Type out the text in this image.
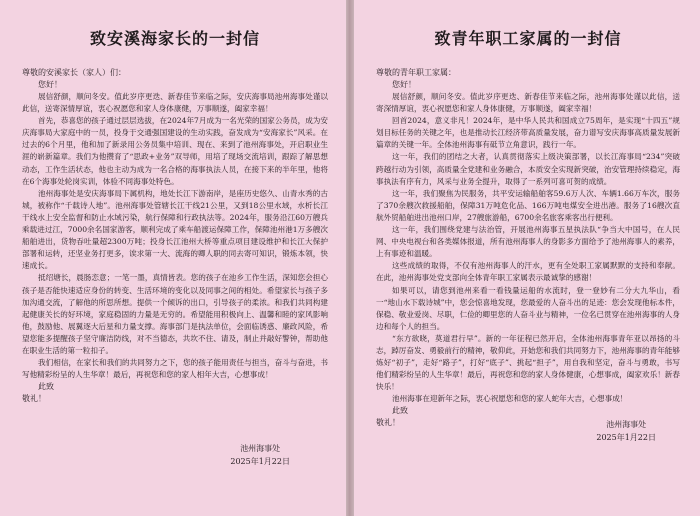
致安溪海家长的一封信
尊敬的安溪家长（家人）们：
您好！

展信舒颜，顺问冬安。值此岁序更迭、新春佳节来临之际，安庆海事局池州海事处谨以此信，送寄深情厚谊，衷心祝愿您和家人身体康健，万事顺遂，阖家幸福！

首先，恭喜您的孩子通过层层选拔，在2024年7月成为一名光荣的国家公务员，成为安庆海事局大家庭中的一员，投身于交通强国建设的生动实践，奋发成为“安海家长”风采。在过去的6个月里，他和加了新录用公务员集中培训、现在、来到了池州海事处，开启职业生涯的崭新篇章。我们为他攒育了“思政+业务”双导师，用培了现场交流培训，跟踪了解思想动态，工作生活状态，他也主动为成为一名合格的海事执法人员，在接下来的半年里，他将在6个海事处轮岗实训，体验不同海事处特色。

池州海事处是安庆海事局下属机构，地处长江下游南岸，是座历史悠久、山青水秀的古城，被称作“千载诗人地”。池州海事处管辖长江干线21公里，又到18公里水域，水析长江干线水上安全监督和防止水域污染，航行保障和行政执法等。2024年，服务沿江60万艘兵乘载进过江，7000余名国家游客，顺利完成了乘车船渡运保障工作，保障池州港1万多艘次船舶进出，货物吞吐量超2300万吨；投身长江池州大桥等重点项目建设维护和长江大保护部署和运转，还坚业务打更多，诶求第一大、流海的卿人职的同去寄可知识，锻炼本领，快速成长。

抵绍塘长，晨肠恋意；一笔一墨，真情皆表。您的孩子在池乡工作生活，深知您会担心孩子是否能快速适应身份的转变、生活环境的变化以及同事之间的相处。希望家长与孩子多加沟通交流，了解他的所思所想。提供一个倾诉的出口，引导孩子的柔浓。和我们共同构建起健康关长的好环境，家庭稳固的力量是无穷的。希望能用积极向上、温馨和睦的家风影响他，鼓励他、展翼逐大后星和力量支撑。海事部门是执法单位，会面临诱惑、廉政风险，希望您能多提醒孩子坚守廉洁防线，对不当德态，共坎不住、请及，制止并敲好警钟，帮助他在职业生活的第一粒扣子。

我们相信，在家长和我们的共同努力之下，您的孩子能用责任与担当，奋斗与奋进，书写他精彩纷呈的人生华章！最后，再祝您和您的家人相年大吉，心想事成！

此致
敬礼！
池州海事处
2025年1月22日
致青年职工家属的一封信
尊敬的青年职工家属：
您好！

展信舒颜，顺问冬安。值此岁序更迭、新春佳节来临之际，池州海事处谨以此信，送寄深情厚谊，衷心祝愿您和家人身体康健，万事顺遂，阖家幸福！

回首2024，意义非凡！2024年，是中华人民共和国成立75周年，是实现“十四五”规划目标任务的关键之年，也是推动长江经济带高质量发展，奋力谱写安庆海事高质量发展新篇章的关键一年。全体池州海事有砥节立角意识，践行一年。

这一年，我们的团结之大者，认真贯彻落实上级决策部署，以长江海事局“234”突破跨越行动为引领，高质量全党建和业务融合，本质安全实现新突破，治安管理持续稳定，海事执法有序有力，风采与业务全提升，取得了一系列可喜可贺的成绩。

这一年，我们聚焦为民服务，共平安运输船舶客59.6万人次、车辆1.66万车次，服务了370余艘次救援船舶，保障31万吨危化品、166万吨电煤安全进出港。服务了16艘次直航外贸船舶进出池州口岸，27艘旅游船，6700余名旅客乘客出行便利。

这一年，我们围绕党建与法治管，开展池州海事五星执法队“争当大中国号，在人民网、中央电视台和各类媒体报道，所有池州海事人的身影多方面给予了池州海事人的素养，上有事迹和温暖。

这些成绩的取得，不仅有池州海事人的汗水，更有全处职工家属默默的支持和奉献。在此，池州海事处党支部向全体青年职工家属表示最诚挚的感谢！

如果可以，请您到池州来看一看钱量运船的水流时，登一登妙有二分大九华山，看一“地山水下载诗城”中，您会惊喜地发现，您最爱的人奋斗出的足迹：您会发现他标本件，保稳、敬业爱岗、尽职，仁俭的卿里您的人奋斗业与精神，一位名已贯穿在池州海事的人身边和每个人的担当。

“东方欲晓，莫道君行早”。新的一年征程已然开启，全体池州海事青年亚以昂扬的斗志，踔厉奋发、勇毅前行的精神，敬仰此，开始您和我们共同努力下，池州海事的青年能够炼好“初子”，走好“路子”，打好“底子”、挑起“担子”，用自我和坚定，奋斗与勇敢，书写他们精彩纷呈的人生华章！最后，再祝您和您的家人身体健康，心想事成，阖家欢乐！新春快乐！

池州海事在迎新年之际，衷心祝愿您和您的家人蛇年大吉，心想事成！

此致
敬礼！	池州海事处
2025年1月22日
